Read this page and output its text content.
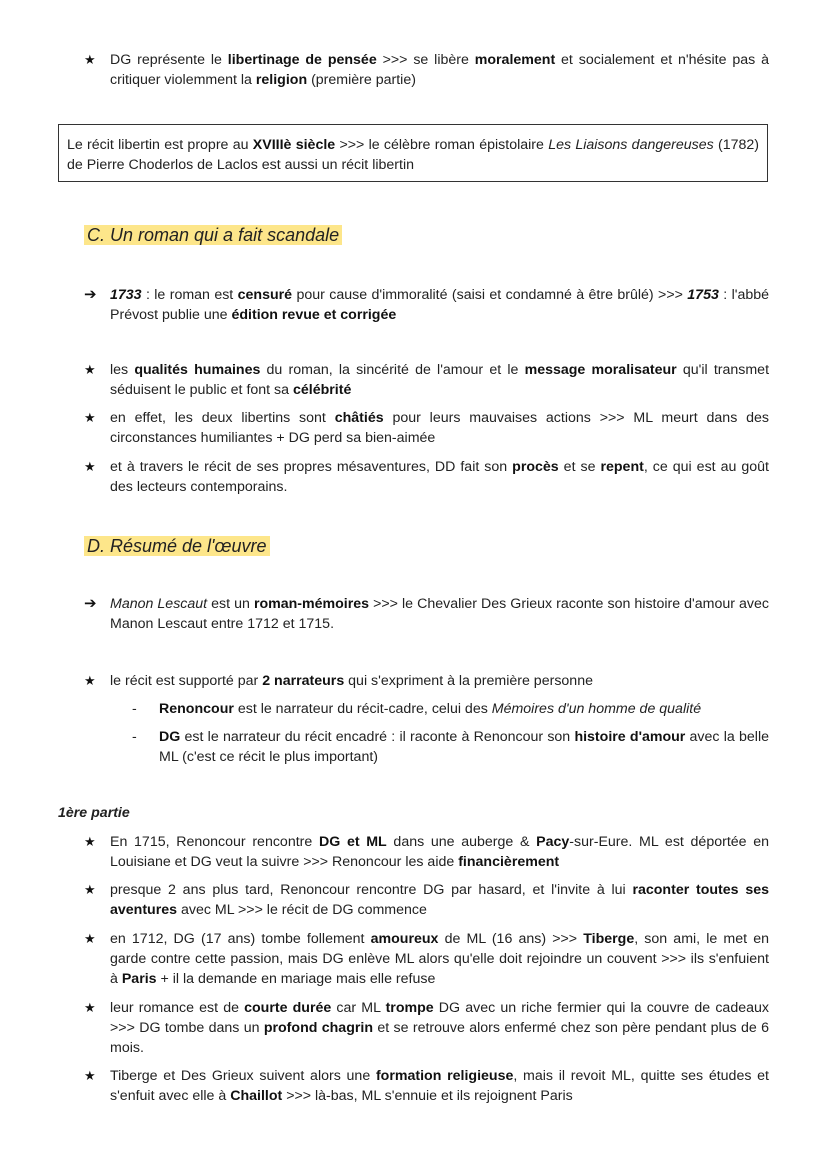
★	DG représente le libertinage de pensée >>> se libère moralement et socialement et n'hésite pas à critiquer violemment la religion (première partie)
Le récit libertin est propre au XVIIIè siècle >>> le célèbre roman épistolaire Les Liaisons dangereuses (1782) de Pierre Choderlos de Laclos est aussi un récit libertin
C. Un roman qui a fait scandale
➔ 1733 : le roman est censuré pour cause d'immoralité (saisi et condamné à être brûlé) >>> 1753 : l'abbé Prévost publie une édition revue et corrigée
★	les qualités humaines du roman, la sincérité de l'amour et le message moralisateur qu'il transmet séduisent le public et font sa célébrité
★	en effet, les deux libertins sont châtiés pour leurs mauvaises actions >>> ML meurt dans des circonstances humiliantes + DG perd sa bien-aimée
★	et à travers le récit de ses propres mésaventures, DD fait son procès et se repent, ce qui est au goût des lecteurs contemporains.
D. Résumé de l'œuvre
➔ Manon Lescaut est un roman-mémoires >>> le Chevalier Des Grieux raconte son histoire d'amour avec Manon Lescaut entre 1712 et 1715.
★	le récit est supporté par 2 narrateurs qui s'expriment à la première personne
- Renoncour est le narrateur du récit-cadre, celui des Mémoires d'un homme de qualité
- DG est le narrateur du récit encadré : il raconte à Renoncour son histoire d'amour avec la belle ML (c'est ce récit le plus important)
1ère partie
★	En 1715, Renoncour rencontre DG et ML dans une auberge & Pacy-sur-Eure. ML est déportée en Louisiane et DG veut la suivre >>> Renoncour les aide financièrement
★	presque 2 ans plus tard, Renoncour rencontre DG par hasard, et l'invite à lui raconter toutes ses aventures avec ML >>> le récit de DG commence
★	en 1712, DG (17 ans) tombe follement amoureux de ML (16 ans) >>> Tiberge, son ami, le met en garde contre cette passion, mais DG enlève ML alors qu'elle doit rejoindre un couvent >>> ils s'enfuient à Paris + il la demande en mariage mais elle refuse
★	leur romance est de courte durée car ML trompe DG avec un riche fermier qui la couvre de cadeaux >>> DG tombe dans un profond chagrin et se retrouve alors enfermé chez son père pendant plus de 6 mois.
★	Tiberge et Des Grieux suivent alors une formation religieuse, mais il revoit ML, quitte ses études et s'enfuit avec elle à Chaillot >>> là-bas, ML s'ennuie et ils rejoignent Paris
